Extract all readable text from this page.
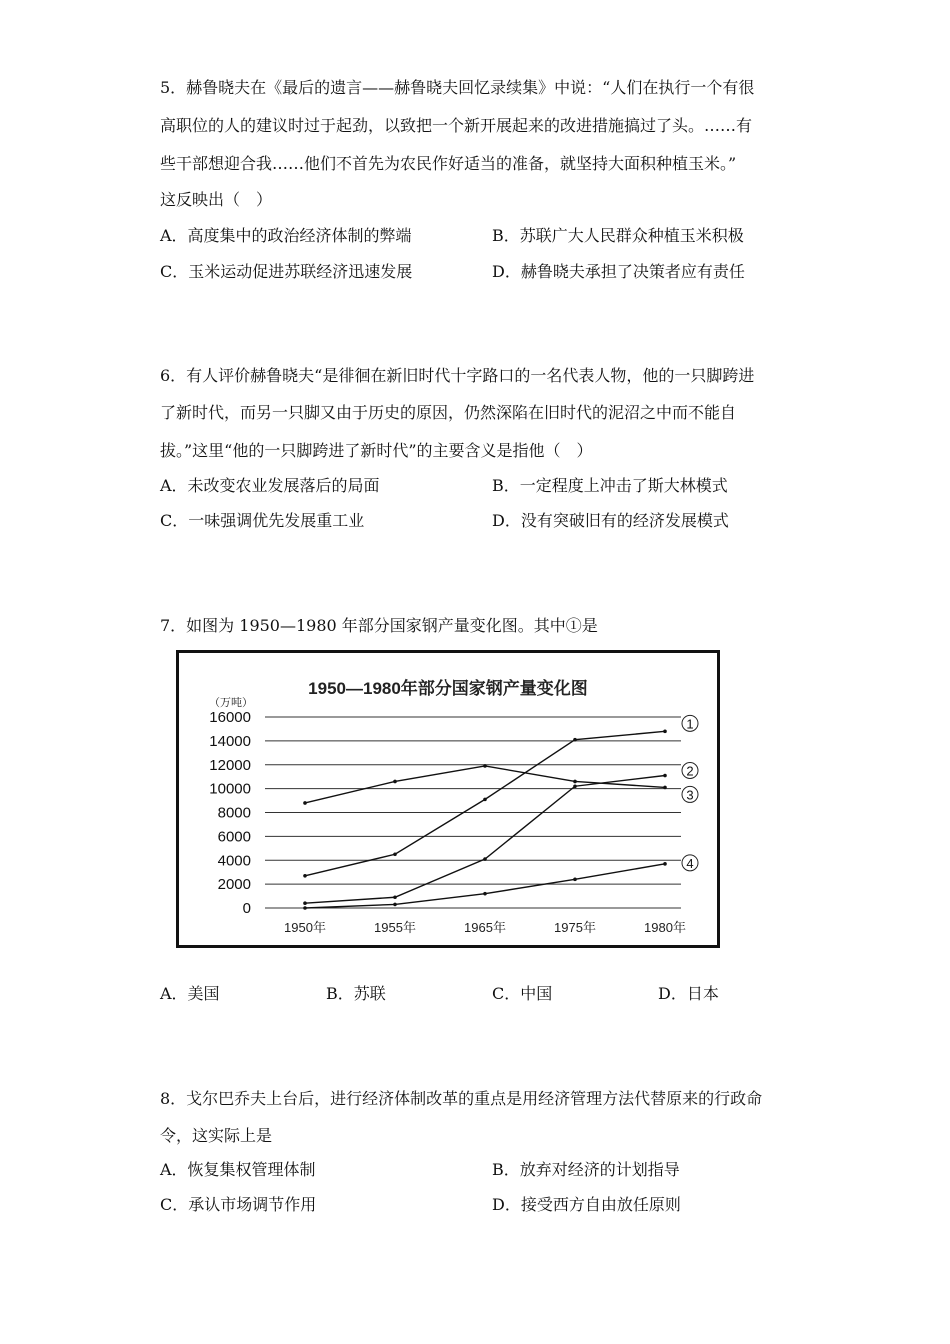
5．赫鲁晓夫在《最后的遗言——赫鲁晓夫回忆录续集》中说：“人们在执行一个有很
高职位的人的建议时过于起劲，以致把一个新开展起来的改进措施搞过了头。……有
些干部想迎合我……他们不首先为农民作好适当的准备，就坚持大面积种植玉米。”
这反映出（　）
A．高度集中的政治经济体制的弊端	B．苏联广大人民群众种植玉米积极
C．玉米运动促进苏联经济迅速发展	D．赫鲁晓夫承担了决策者应有责任
6．有人评价赫鲁晓夫“是徘徊在新旧时代十字路口的一名代表人物，他的一只脚跨进
了新时代，而另一只脚又由于历史的原因，仍然深陷在旧时代的泥沼之中而不能自
拔。”这里“他的一只脚跨进了新时代”的主要含义是指他（　）
A．未改变农业发展落后的局面	B．一定程度上冲击了斯大林模式
C．一味强调优先发展重工业	D．没有突破旧有的经济发展模式
7．如图为 1950—1980 年部分国家钢产量变化图。其中①是
1950—1980年部分国家钢产量变化图
（万吨）
0
2000
4000
6000
8000
10000
12000
14000
16000
1950年	1955年	1965年	1975年	1980年
1
2
3
4
A．美国	B．苏联	C．中国	D．日本
8．戈尔巴乔夫上台后，进行经济体制改革的重点是用经济管理方法代替原来的行政命
令，这实际上是
A．恢复集权管理体制	B．放弃对经济的计划指导
C．承认市场调节作用	D．接受西方自由放任原则
